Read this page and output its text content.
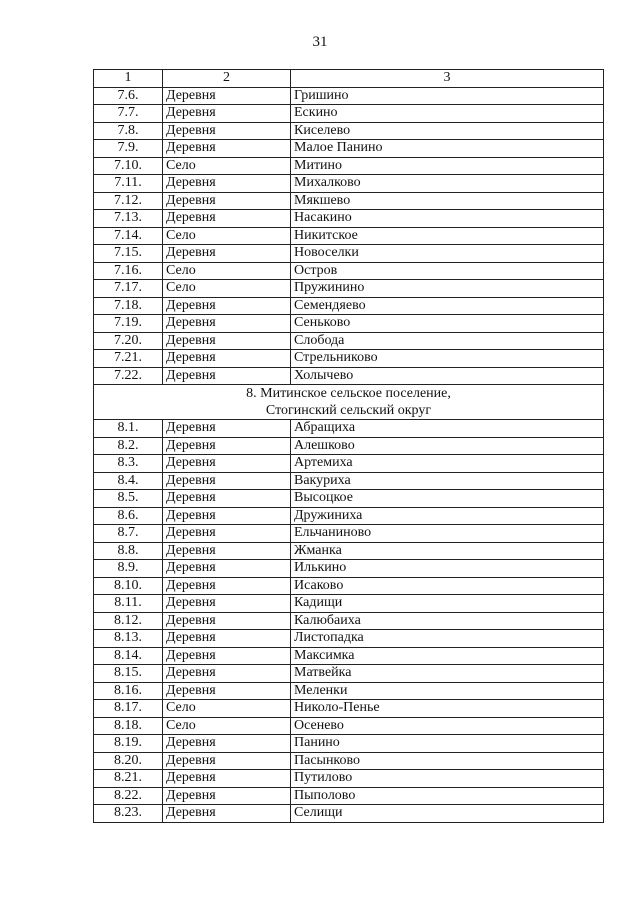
31
1	2	3
7.6.	Деревня	Гришино
7.7.	Деревня	Ескино
7.8.	Деревня	Киселево
7.9.	Деревня	Малое Панино
7.10.	Село	Митино
7.11.	Деревня	Михалково
7.12.	Деревня	Мякшево
7.13.	Деревня	Насакино
7.14.	Село	Никитское
7.15.	Деревня	Новоселки
7.16.	Село	Остров
7.17.	Село	Пружинино
7.18.	Деревня	Семендяево
7.19.	Деревня	Сеньково
7.20.	Деревня	Слобода
7.21.	Деревня	Стрельниково
7.22.	Деревня	Холычево

8. Митинское сельское поселение,
Стогинский сельский округ		

8.1.	Деревня	Абращиха
8.2.	Деревня	Алешково
8.3.	Деревня	Артемиха
8.4.	Деревня	Вакуриха
8.5.	Деревня	Высоцкое
8.6.	Деревня	Дружиниха
8.7.	Деревня	Ельчаниново
8.8.	Деревня	Жманка
8.9.	Деревня	Илькино
8.10.	Деревня	Исаково
8.11.	Деревня	Кадищи
8.12.	Деревня	Калюбаиха
8.13.	Деревня	Листопадка
8.14.	Деревня	Максимка
8.15.	Деревня	Матвейка
8.16.	Деревня	Меленки
8.17.	Село	Николо-Пенье
8.18.	Село	Осенево
8.19.	Деревня	Панино
8.20.	Деревня	Пасынково
8.21.	Деревня	Путилово
8.22.	Деревня	Пыполово
8.23.	Деревня	Селищи
